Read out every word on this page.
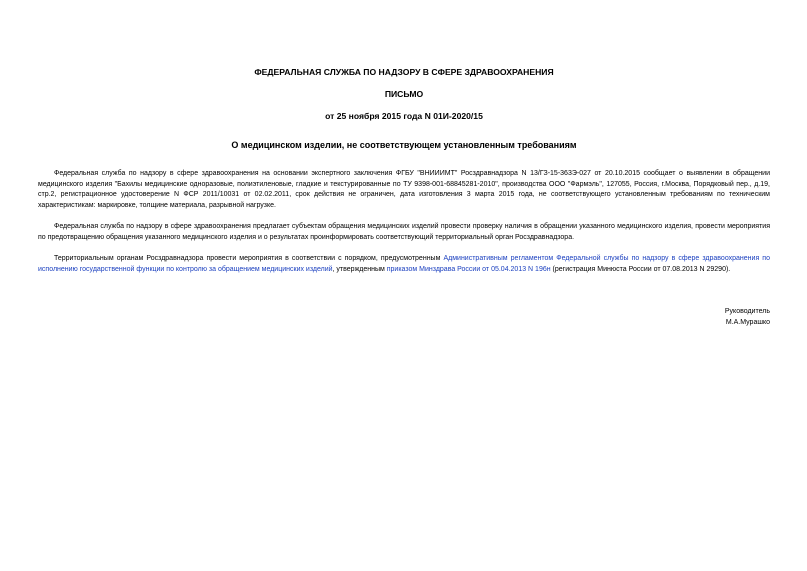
ФЕДЕРАЛЬНАЯ СЛУЖБА ПО НАДЗОРУ В СФЕРЕ ЗДРАВООХРАНЕНИЯ
ПИСЬМО
от 25 ноября 2015 года N 01И-2020/15
О медицинском изделии, не соответствующем установленным требованиям

Федеральная служба по надзору в сфере здравоохранения на основании экспертного заключения ФГБУ "ВНИИИМТ" Росздравнадзора N 13/ГЗ-15-363Э-027 от 20.10.2015 сообщает о выявлении в обращении медицинского изделия "Бахилы медицинские одноразовые, полиэтиленовые, гладкие и текстурированные по ТУ 9398-001-68845281-2010", производства ООО "Фармэль", 127055, Россия, г.Москва, Порядковый пер., д.19, стр.2, регистрационное удостоверение N ФСР 2011/10031 от 02.02.2011, срок действия не ограничен, дата изготовления 3 марта 2015 года, не соответствующего установленным требованиям по техническим характеристикам: маркировке, толщине материала, разрывной нагрузке.

Федеральная служба по надзору в сфере здравоохранения предлагает субъектам обращения медицинских изделий провести проверку наличия в обращении указанного медицинского изделия, провести мероприятия по предотвращению обращения указанного медицинского изделия и о результатах проинформировать соответствующий территориальный орган Росздравнадзора.

Территориальным органам Росздравнадзора провести мероприятия в соответствии с порядком, предусмотренным Административным регламентом Федеральной службы по надзору в сфере здравоохранения по исполнению государственной функции по контролю за обращением медицинских изделий, утвержденным приказом Минздрава России от 05.04.2013 N 196н (регистрация Минюста России от 07.08.2013 N 29290).

Руководитель
М.А.Мурашко
